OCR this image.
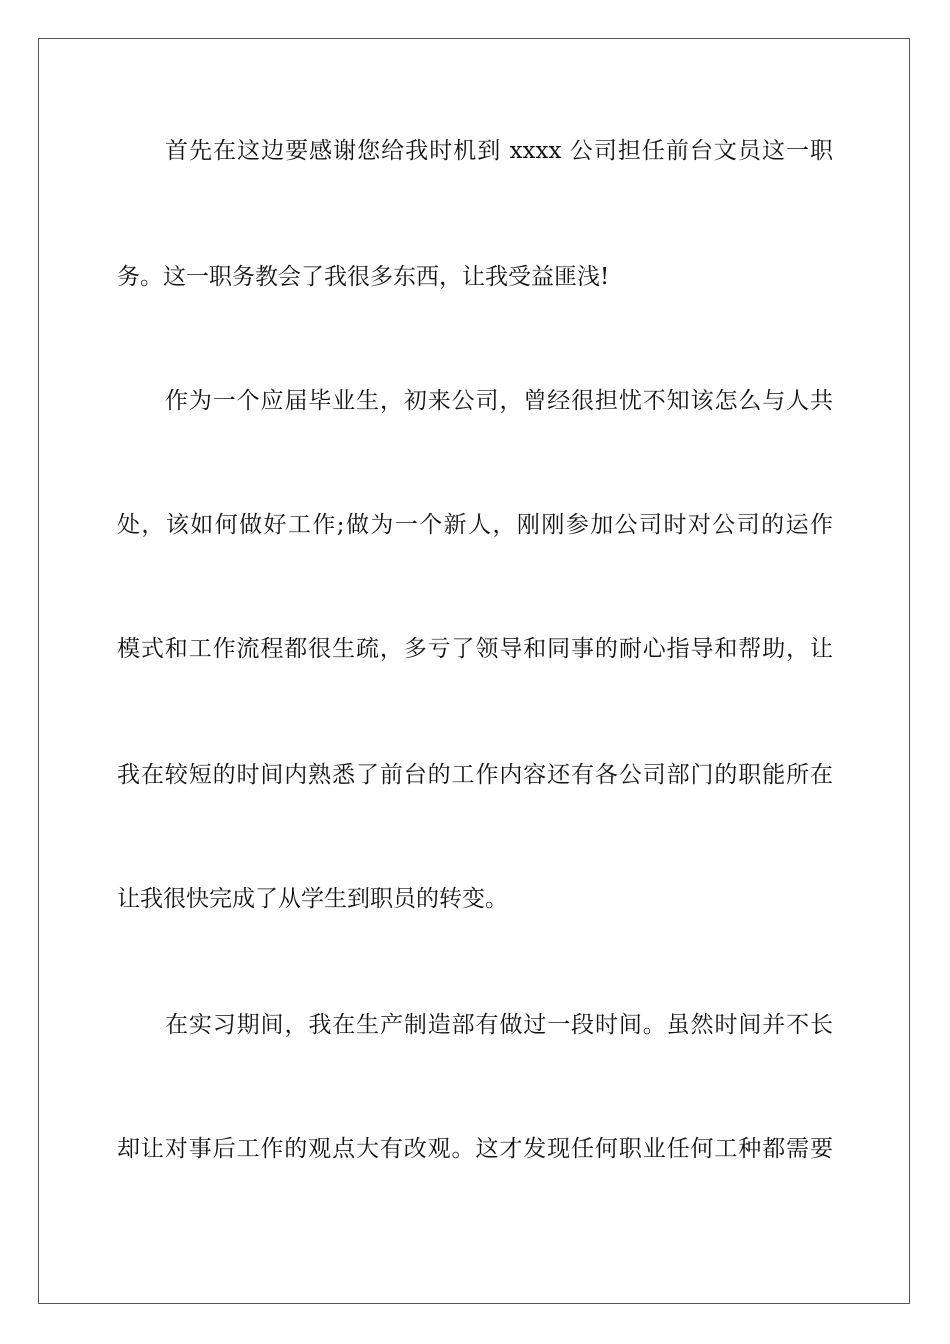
首先在这边要感谢您给我时机到 xxxx 公司担任前台文员这一职
务。这一职务教会了我很多东西，让我受益匪浅!
作为一个应届毕业生，初来公司，曾经很担忧不知该怎么与人共
处，该如何做好工作;做为一个新人，刚刚参加公司时对公司的运作
模式和工作流程都很生疏，多亏了领导和同事的耐心指导和帮助，让
我在较短的时间内熟悉了前台的工作内容还有各公司部门的职能所在
让我很快完成了从学生到职员的转变。
在实习期间，我在生产制造部有做过一段时间。虽然时间并不长
却让对事后工作的观点大有改观。这才发现任何职业任何工种都需要
